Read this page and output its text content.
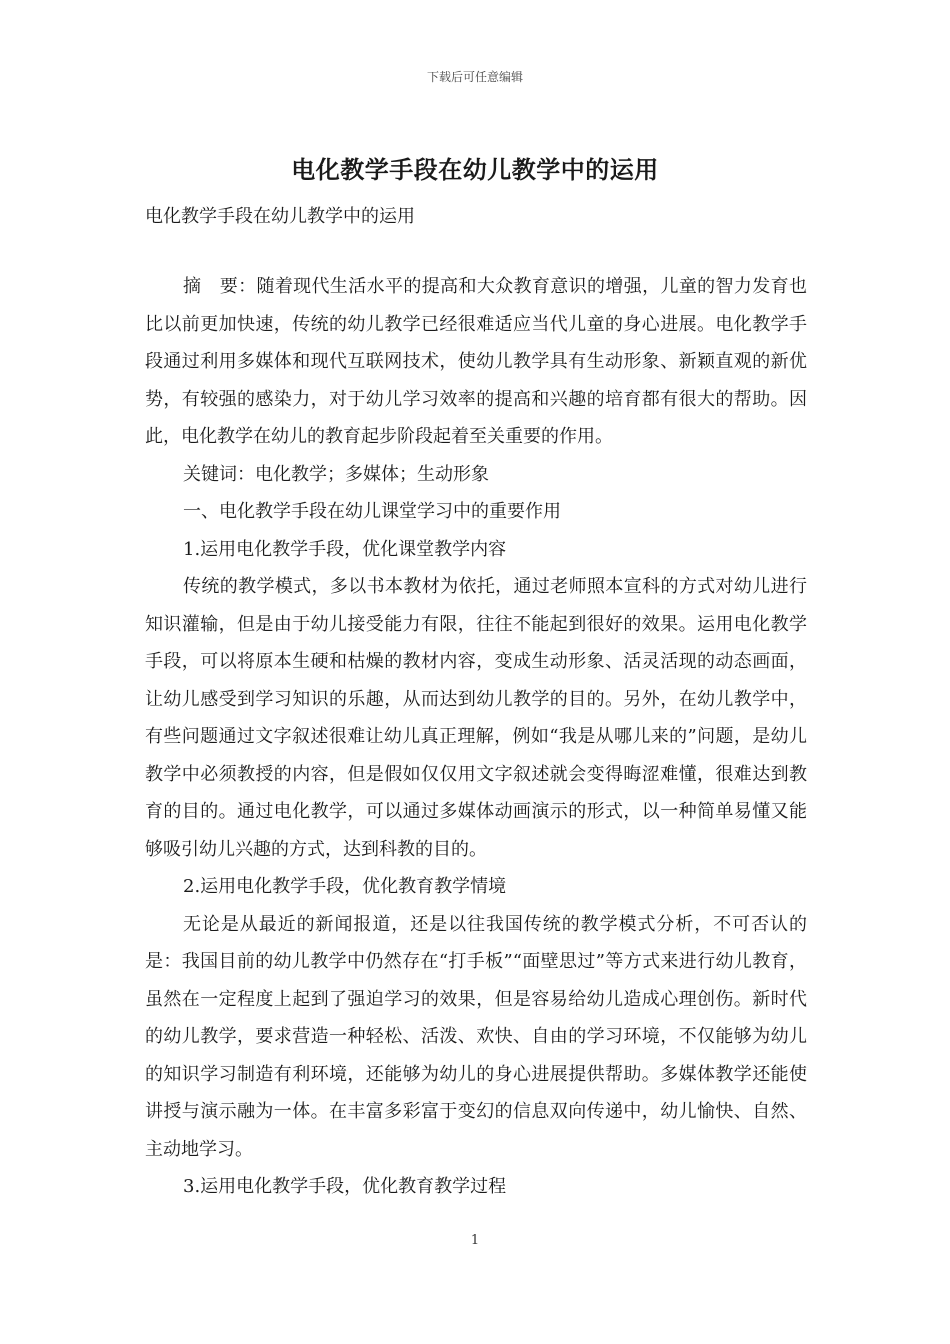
下载后可任意编辑
电化教学手段在幼儿教学中的运用
电化教学手段在幼儿教学中的运用

摘　要：随着现代生活水平的提高和大众教育意识的增强，儿童的智力发育也比以前更加快速，传统的幼儿教学已经很难适应当代儿童的身心进展。电化教学手段通过利用多媒体和现代互联网技术，使幼儿教学具有生动形象、新颖直观的新优势，有较强的感染力，对于幼儿学习效率的提高和兴趣的培育都有很大的帮助。因此，电化教学在幼儿的教育起步阶段起着至关重要的作用。

关键词：电化教学；多媒体；生动形象

一、电化教学手段在幼儿课堂学习中的重要作用

1.运用电化教学手段，优化课堂教学内容

传统的教学模式，多以书本教材为依托，通过老师照本宣科的方式对幼儿进行知识灌输，但是由于幼儿接受能力有限，往往不能起到很好的效果。运用电化教学手段，可以将原本生硬和枯燥的教材内容，变成生动形象、活灵活现的动态画面，让幼儿感受到学习知识的乐趣，从而达到幼儿教学的目的。另外，在幼儿教学中，有些问题通过文字叙述很难让幼儿真正理解，例如“我是从哪儿来的”问题，是幼儿教学中必须教授的内容，但是假如仅仅用文字叙述就会变得晦涩难懂，很难达到教育的目的。通过电化教学，可以通过多媒体动画演示的形式，以一种简单易懂又能够吸引幼儿兴趣的方式，达到科教的目的。

2.运用电化教学手段，优化教育教学情境

无论是从最近的新闻报道，还是以往我国传统的教学模式分析，不可否认的是：我国目前的幼儿教学中仍然存在“打手板”“面壁思过”等方式来进行幼儿教育，虽然在一定程度上起到了强迫学习的效果，但是容易给幼儿造成心理创伤。新时代的幼儿教学，要求营造一种轻松、活泼、欢快、自由的学习环境，不仅能够为幼儿的知识学习制造有利环境，还能够为幼儿的身心进展提供帮助。多媒体教学还能使讲授与演示融为一体。在丰富多彩富于变幻的信息双向传递中，幼儿愉快、自然、主动地学习。

3.运用电化教学手段，优化教育教学过程

1
